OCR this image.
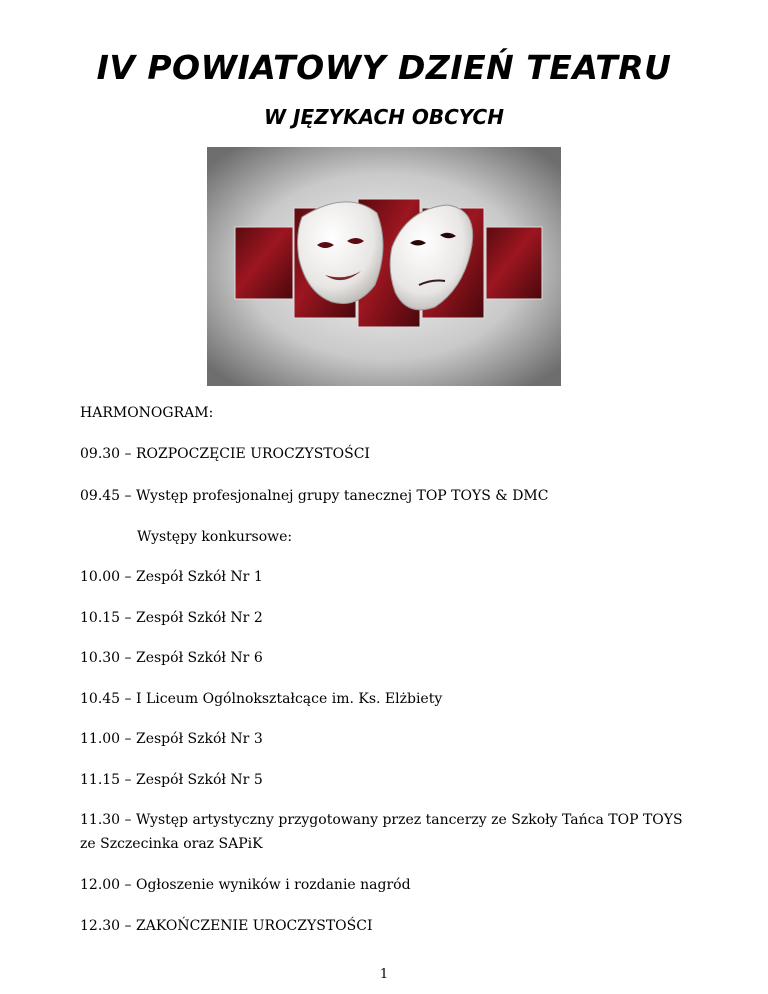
IV POWIATOWY DZIEŃ TEATRU
W JĘZYKACH OBCYCH

HARMONOGRAM:

09.30 – ROZPOCZĘCIE UROCZYSTOŚCI

09.45 – Występ profesjonalnej grupy tanecznej TOP TOYS & DMC

Występy konkursowe:

10.00 – Zespół Szkół Nr 1

10.15 – Zespół Szkół Nr 2

10.30 – Zespół Szkół Nr 6

10.45 – I Liceum Ogólnokształcące im. Ks. Elżbiety

11.00 – Zespół Szkół Nr 3

11.15 – Zespół Szkół Nr 5

11.30 – Występ artystyczny przygotowany przez tancerzy ze Szkoły Tańca TOP TOYS

ze Szczecinka oraz SAPiK

12.00 – Ogłoszenie wyników i rozdanie nagród

12.30 – ZAKOŃCZENIE UROCZYSTOŚCI

1
